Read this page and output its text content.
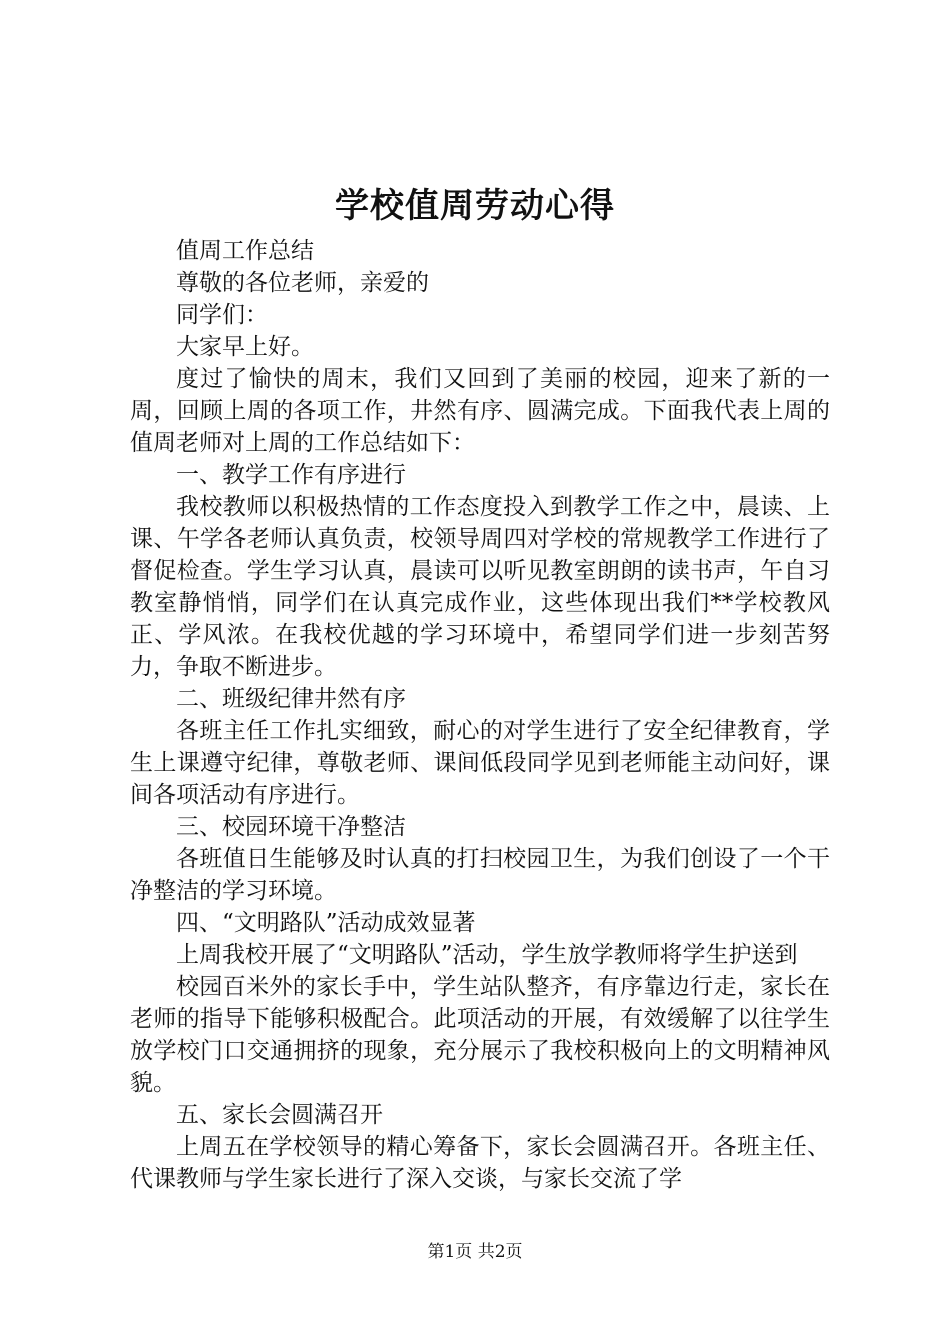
学校值周劳动心得

值周工作总结

尊敬的各位老师，亲爱的

同学们：

大家早上好。

度过了愉快的周末，我们又回到了美丽的校园，迎来了新的一周，回顾上周的各项工作，井然有序、圆满完成。下面我代表上周的值周老师对上周的工作总结如下：

一、教学工作有序进行

我校教师以积极热情的工作态度投入到教学工作之中，晨读、上课、午学各老师认真负责，校领导周四对学校的常规教学工作进行了督促检查。学生学习认真，晨读可以听见教室朗朗的读书声，午自习教室静悄悄，同学们在认真完成作业，这些体现出我们**学校教风正、学风浓。在我校优越的学习环境中，希望同学们进一步刻苦努力，争取不断进步。

二、班级纪律井然有序

各班主任工作扎实细致，耐心的对学生进行了安全纪律教育，学生上课遵守纪律，尊敬老师、课间低段同学见到老师能主动问好，课间各项活动有序进行。

三、校园环境干净整洁

各班值日生能够及时认真的打扫校园卫生，为我们创设了一个干净整洁的学习环境。

四、“文明路队”活动成效显著

上周我校开展了“文明路队”活动，学生放学教师将学生护送到

校园百米外的家长手中，学生站队整齐，有序靠边行走，家长在老师的指导下能够积极配合。此项活动的开展，有效缓解了以往学生放学校门口交通拥挤的现象，充分展示了我校积极向上的文明精神风貌。

五、家长会圆满召开

上周五在学校领导的精心筹备下，家长会圆满召开。各班主任、代课教师与学生家长进行了深入交谈，与家长交流了学

第1页 共2页
